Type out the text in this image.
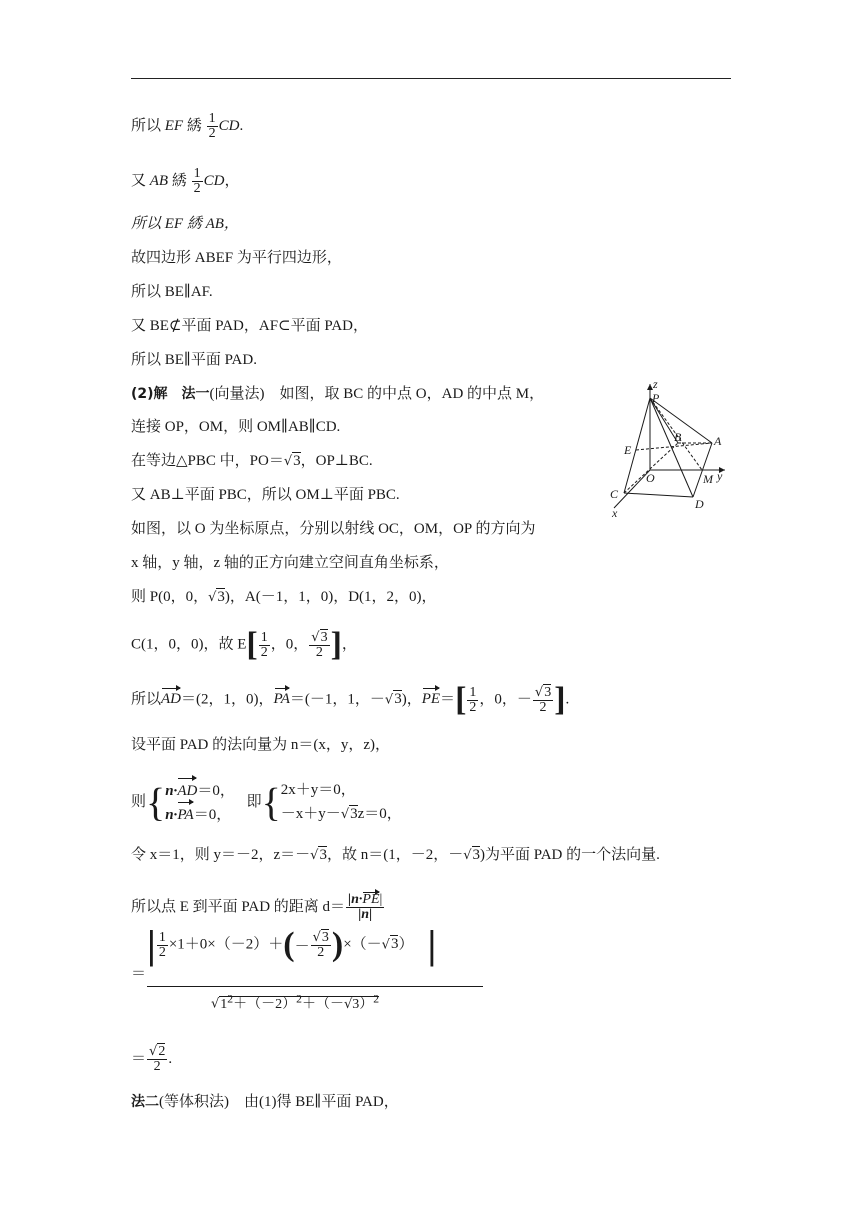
所以 EF 綉 $\frac{1}{2}$ CD.
又 AB 綉 $\frac{1}{2}$ CD，
所以 EF 綉 AB，
故四边形 ABEF 为平行四边形，
所以 BE∥AF.
又 BE⊄平面 PAD，AF⊂平面 PAD，
所以 BE∥平面 PAD.
(2)解　法一(向量法)　如图，取 BC 的中点 O，AD 的中点 M，
连接 OP，OM，则 OM∥AB∥CD.
在等边△PBC 中，PO＝√3，OP⊥BC.
又 AB⊥平面 PBC，所以 OM⊥平面 PBC.
如图，以 O 为坐标原点，分别以射线 OC，OM，OP 的方向为
x 轴，y 轴，z 轴的正方向建立空间直角坐标系，
则 P(0，0，√3)，A(－1，1，0)，D(1，2，0)，
C(1，0，0)，故 $E[ \frac{1}{2}$ ，0， $\frac{√3}{2}$ ]，
所以AD＝(2，1，0)，PA＝(－1，1，－√3)，$PE=[ \frac{1}{2}$ ，0，－ $\frac{√3}{2}$ ].
设平面 PAD 的法向量为 n＝(x，y，z)，
则{ n·AD＝0，
n·PA＝0，
即{ 2x＋y＝0，
－x＋y－√3z＝0，
令 x＝1，则 y＝－2，z＝－√3，故 n＝(1，－2，－√3)为平面 PAD 的一个法向量.
所以点 E 到平面 PAD 的距离 $d= \frac{|n\cdot PE|}{|n|}$
＝
| $\frac{1}{2} \times 1+0\times(-2)+(- \frac{√3}{2} )\times(-√3)$ |
$√1^2+(-2)^2+(-√3)^2$
＝ $\frac{√2}{2}$ .
法二(等体积法)　由(1)得 BE∥平面 PAD，
z
P
B	A
E
O	M y
C
D
x
